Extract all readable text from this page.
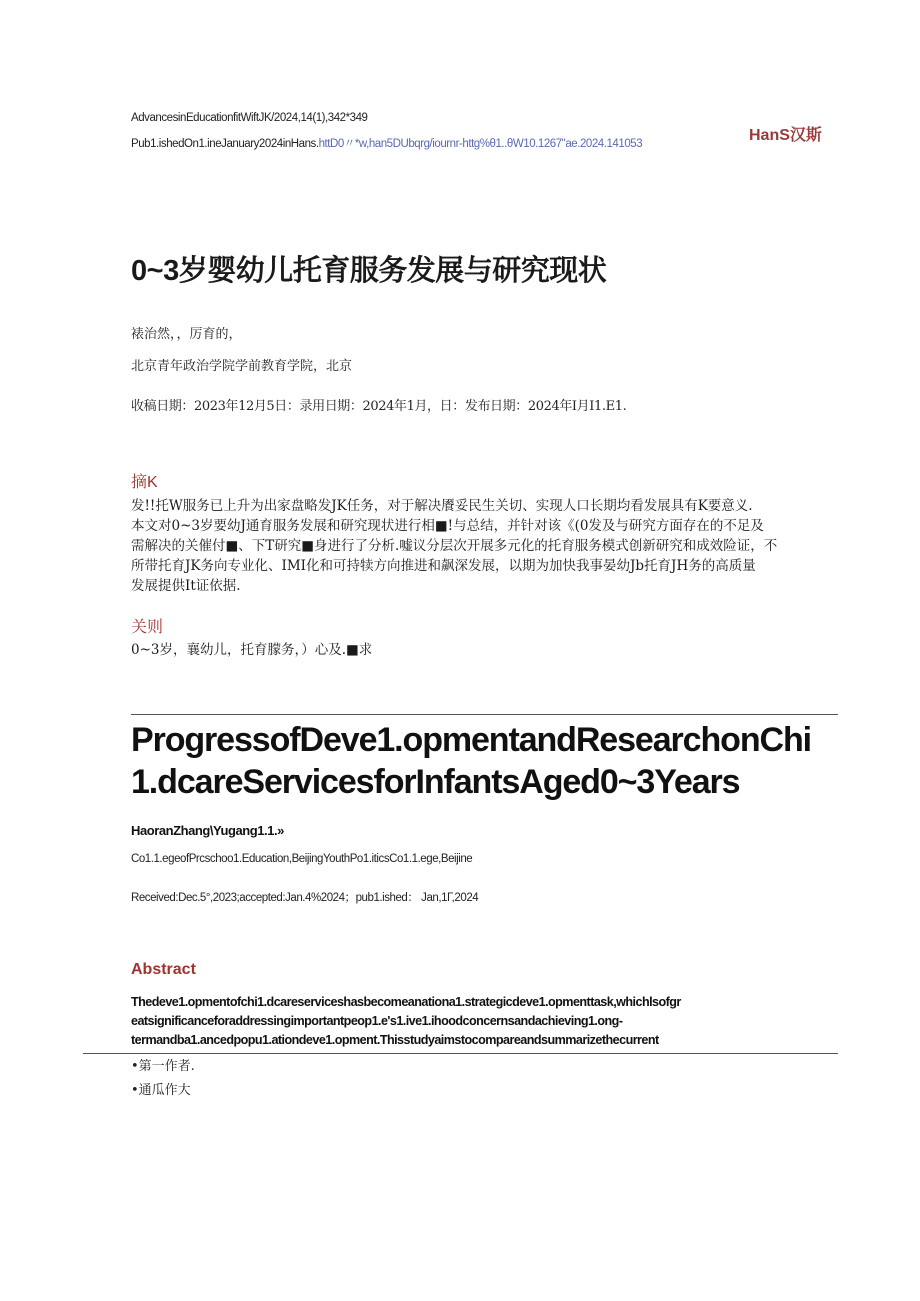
AdvancesinEducationfitWiftJK/2024,14(1),342*349
Pub1.ishedOn1.ineJanuary2024inHans.httD0〃*w,han5DUbqrg/iournr-httg%θ1..θW10.1267"ae.2024.141053	HanS汉斯
0~3岁婴幼儿托育服务发展与研究现状
裱治然，，厉育的，
北京青年政治学院学前教育学院，北京
收稿日期：2023年12月5日：录用日期：2024年1月，日：发布日期：2024年I月I1.E1.
摘K
发!!托W服务已上升为出家盘略发JK任务，对于解决餍妥民生关切、实现人口长期均看发展具有K要意义.
本文对0~3岁要幼J通育服务发展和研究现状进行相■!与总结，并针对该《(0发及与研究方面存在的不足及
需解决的关催付■、下T研究■身进行了分析.嘘议分层次开展多元化的托育服务模式创新研究和成效险证，不
所带托育JK务向专业化、IMI化和可持犊方向推进和飙深发展，以期为加快我事晏幼Jb托育JH务的高质量
发展提供It证依据.
关则
0~3岁，襄幼儿，托育朦务，）心及.■求
ProgressofDeve1.opmentandResearchonChi
1.dcareServicesforInfantsAged0~3Years
HaoranZhang\Yugang1.1.»
Co1.1.egeofPrcschoo1.Education,BeijingYouthPo1.iticsCo1.1.ege,Beijine
Received:Dec.5°,2023;accepted:Jan.4%2024；pub1.ished： Jan,1Γ,2024
Abstract
Thedeve1.opmentofchi1.dcareserviceshasbecomeanationa1.strategicdeve1.opmenttask,whichlsofgr
eatsignificanceforaddressingimportantpeop1.e's1.ive1.ihoodconcernsandachieving1.ong-
termandba1.ancedpopu1.ationdeve1.opment.Thisstudyaimstocompareandsummarizethecurrent
•第一作者.
•通瓜作大
